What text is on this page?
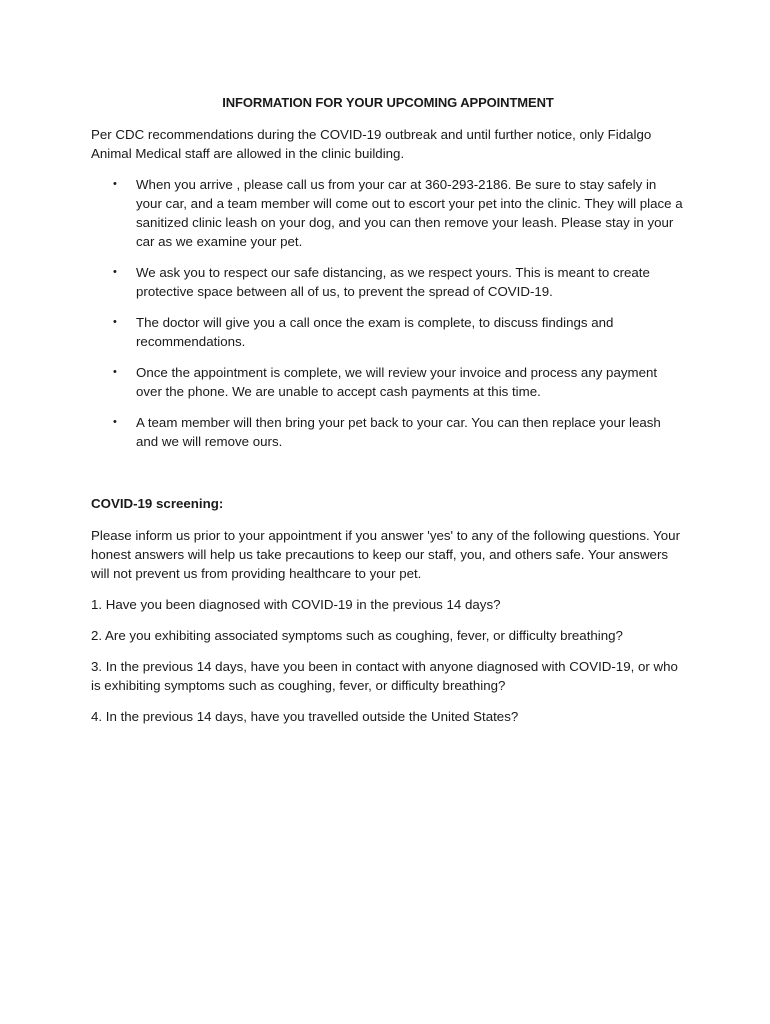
INFORMATION FOR YOUR UPCOMING APPOINTMENT

Per CDC recommendations during the COVID-19 outbreak and until further notice, only Fidalgo Animal Medical staff are allowed in the clinic building.

• When you arrive , please call us from your car at 360-293-2186. Be sure to stay safely in your car, and a team member will come out to escort your pet into the clinic. They will place a sanitized clinic leash on your dog, and you can then remove your leash. Please stay in your car as we examine your pet.
• We ask you to respect our safe distancing, as we respect yours. This is meant to create protective space between all of us, to prevent the spread of COVID-19.
• The doctor will give you a call once the exam is complete, to discuss findings and recommendations.
• Once the appointment is complete, we will review your invoice and process any payment over the phone. We are unable to accept cash payments at this time.
• A team member will then bring your pet back to your car. You can then replace your leash and we will remove ours.
COVID-19 screening:

Please inform us prior to your appointment if you answer 'yes' to any of the following questions. Your honest answers will help us take precautions to keep our staff, you, and others safe. Your answers will not prevent us from providing healthcare to your pet.

1. Have you been diagnosed with COVID-19 in the previous 14 days?

2. Are you exhibiting associated symptoms such as coughing, fever, or difficulty breathing?

3. In the previous 14 days, have you been in contact with anyone diagnosed with COVID-19, or who is exhibiting symptoms such as coughing, fever, or difficulty breathing?

4. In the previous 14 days, have you travelled outside the United States?
